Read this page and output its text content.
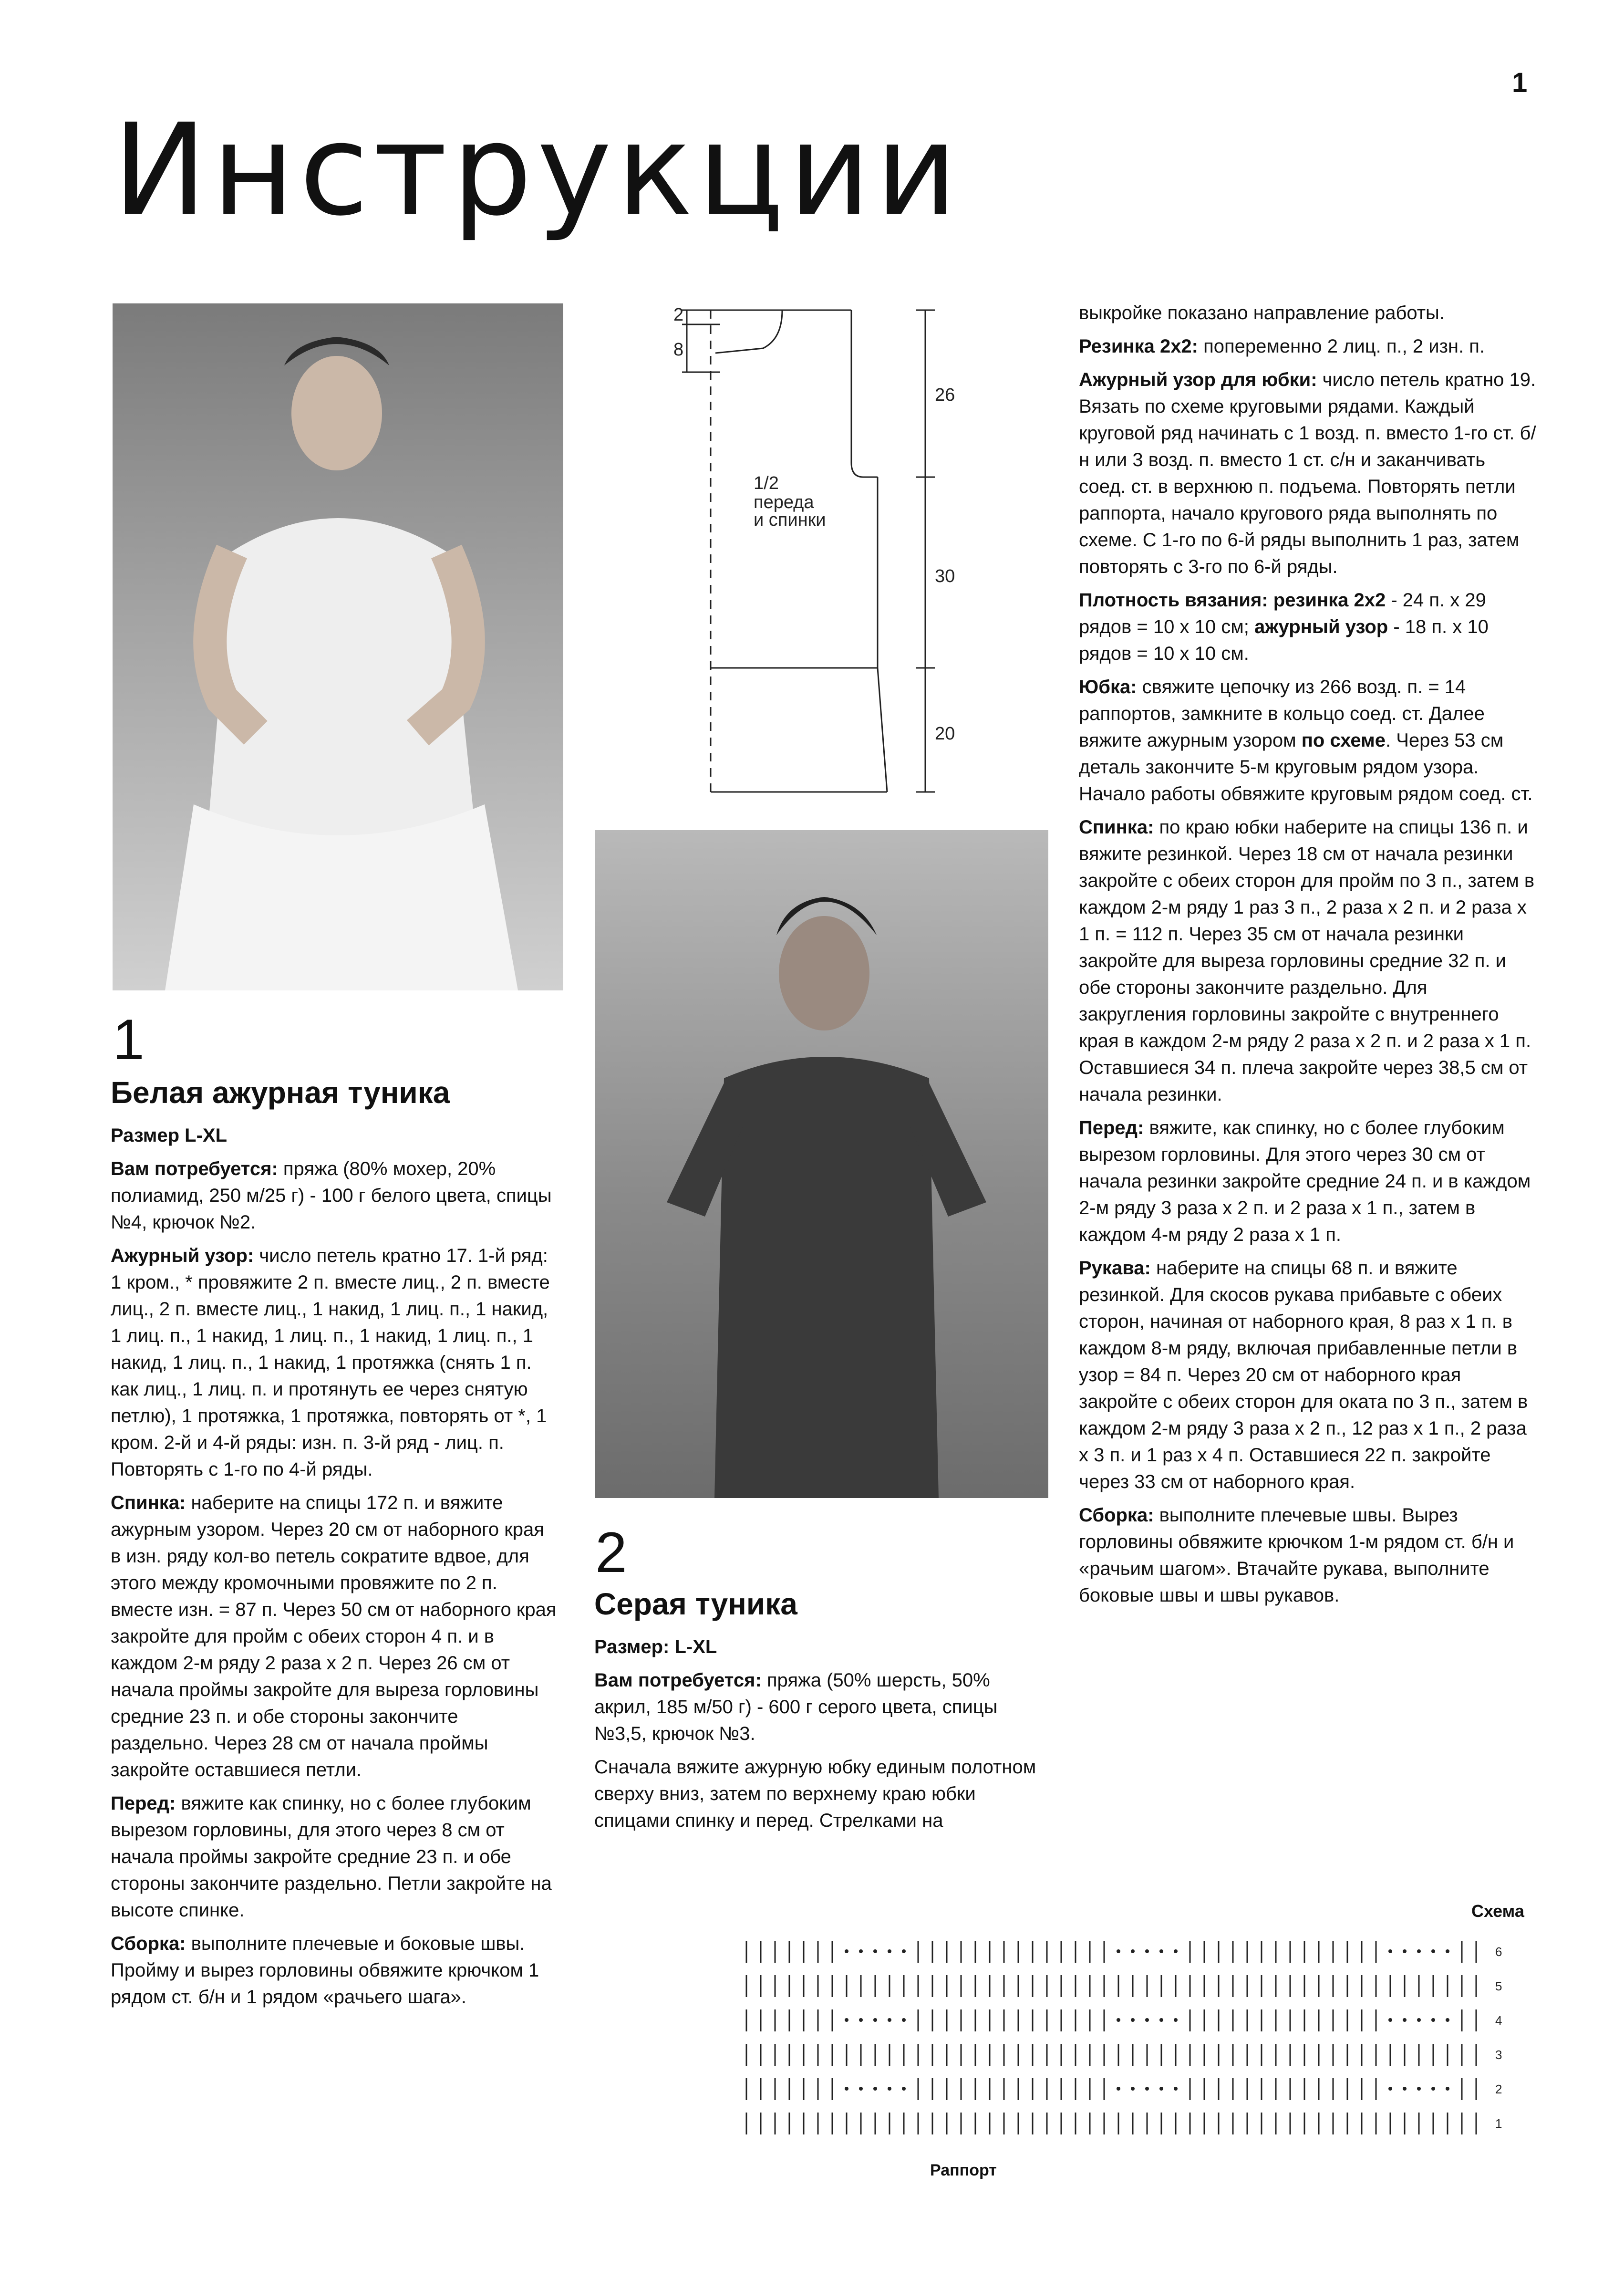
1
Инструкции
2
8
26
30
20
1/2
переда
и спинки
1
Белая ажурная туника

Размер L-XL

Вам потребуется: пряжа (80% мохер, 20% полиамид, 250 м/25 г) - 100 г белого цвета, спицы №4, крючок №2.

Ажурный узор: число петель кратно 17. 1-й ряд: 1 кром., * провяжите 2 п. вместе лиц., 2 п. вместе лиц., 2 п. вместе лиц., 1 накид, 1 лиц. п., 1 накид, 1 лиц. п., 1 накид, 1 лиц. п., 1 накид, 1 лиц. п., 1 накид, 1 лиц. п., 1 накид, 1 протяжка (снять 1 п. как лиц., 1 лиц. п. и протянуть ее через снятую петлю), 1 протяжка, 1 протяжка, повторять от *, 1 кром. 2-й и 4-й ряды: изн. п. 3-й ряд - лиц. п. Повторять с 1-го по 4-й ряды.

Спинка: наберите на спицы 172 п. и вяжите ажурным узором. Через 20 см от наборного края в изн. ряду кол-во петель сократите вдвое, для этого между кромочными провяжите по 2 п. вместе изн. = 87 п. Через 50 см от наборного края закройте для пройм с обеих сторон 4 п. и в каждом 2-м ряду 2 раза х 2 п. Через 26 см от начала проймы закройте для выреза горловины средние 23 п. и обе стороны закончите раздельно. Через 28 см от начала проймы закройте оставшиеся петли.

Перед: вяжите как спинку, но с более глубоким вырезом горловины, для этого через 8 см от начала проймы закройте средние 23 п. и обе стороны закончите раздельно. Петли закройте на высоте спинке.

Сборка: выполните плечевые и боковые швы. Пройму и вырез горловины обвяжите крючком 1 рядом ст. б/н и 1 рядом «рачьего шага».

2
Серая туника

Размер: L-XL

Вам потребуется: пряжа (50% шерсть, 50% акрил, 185 м/50 г) - 600 г серого цвета, спицы №3,5, крючок №3.

Сначала вяжите ажурную юбку единым полотном сверху вниз, затем по верхнему краю юбки спицами спинку и перед. Стрелками на

выкройке показано направление работы.

Резинка 2х2: попеременно 2 лиц. п., 2 изн. п.

Ажурный узор для юбки: число петель кратно 19. Вязать по схеме круговыми рядами. Каждый круговой ряд начинать с 1 возд. п. вместо 1-го ст. б/н или 3 возд. п. вместо 1 ст. с/н и заканчивать соед. ст. в верхнюю п. подъема. Повторять петли раппорта, начало кругового ряда выполнять по схеме. С 1-го по 6-й ряды выполнить 1 раз, затем повторять с 3-го по 6-й ряды.

Плотность вязания: резинка 2х2 - 24 п. х 29 рядов = 10 х 10 см; ажурный узор - 18 п. х 10 рядов = 10 х 10 см.

Юбка: свяжите цепочку из 266 возд. п. = 14 раппортов, замкните в кольцо соед. ст. Далее вяжите ажурным узором по схеме. Через 53 см деталь закончите 5-м круговым рядом узора. Начало работы обвяжите круговым рядом соед. ст.

Спинка: по краю юбки наберите на спицы 136 п. и вяжите резинкой. Через 18 см от начала резинки закройте с обеих сторон для пройм по 3 п., затем в каждом 2-м ряду 1 раз 3 п., 2 раза х 2 п. и 2 раза х 1 п. = 112 п. Через 35 см от начала резинки закройте для выреза горловины средние 32 п. и обе стороны закончите раздельно. Для закругления горловины закройте с внутреннего края в каждом 2-м ряду 2 раза х 2 п. и 2 раза х 1 п. Оставшиеся 34 п. плеча закройте через 38,5 см от начала резинки.

Перед: вяжите, как спинку, но с более глубоким вырезом горловины. Для этого через 30 см от начала резинки закройте средние 24 п. и в каждом 2-м ряду 3 раза х 2 п. и 2 раза х 1 п., затем в каждом 4-м ряду 2 раза х 1 п.

Рукава: наберите на спицы 68 п. и вяжите резинкой. Для скосов рукава прибавьте с обеих сторон, начиная от наборного края, 8 раз х 1 п. в каждом 8-м ряду, включая прибавленные петли в узор = 84 п. Через 20 см от наборного края закройте с обеих сторон для оката по 3 п., затем в каждом 2-м ряду 3 раза х 2 п., 12 раз х 1 п., 2 раза х 3 п. и 1 раз х 4 п. Оставшиеся 22 п. закройте через 33 см от наборного края.

Сборка: выполните плечевые швы. Вырез горловины обвяжите крючком 1-м рядом ст. б/н и «рачьим шагом». Втачайте рукава, выполните боковые швы и швы рукавов.

Схема
6
5
4
3
2
1
Раппорт
